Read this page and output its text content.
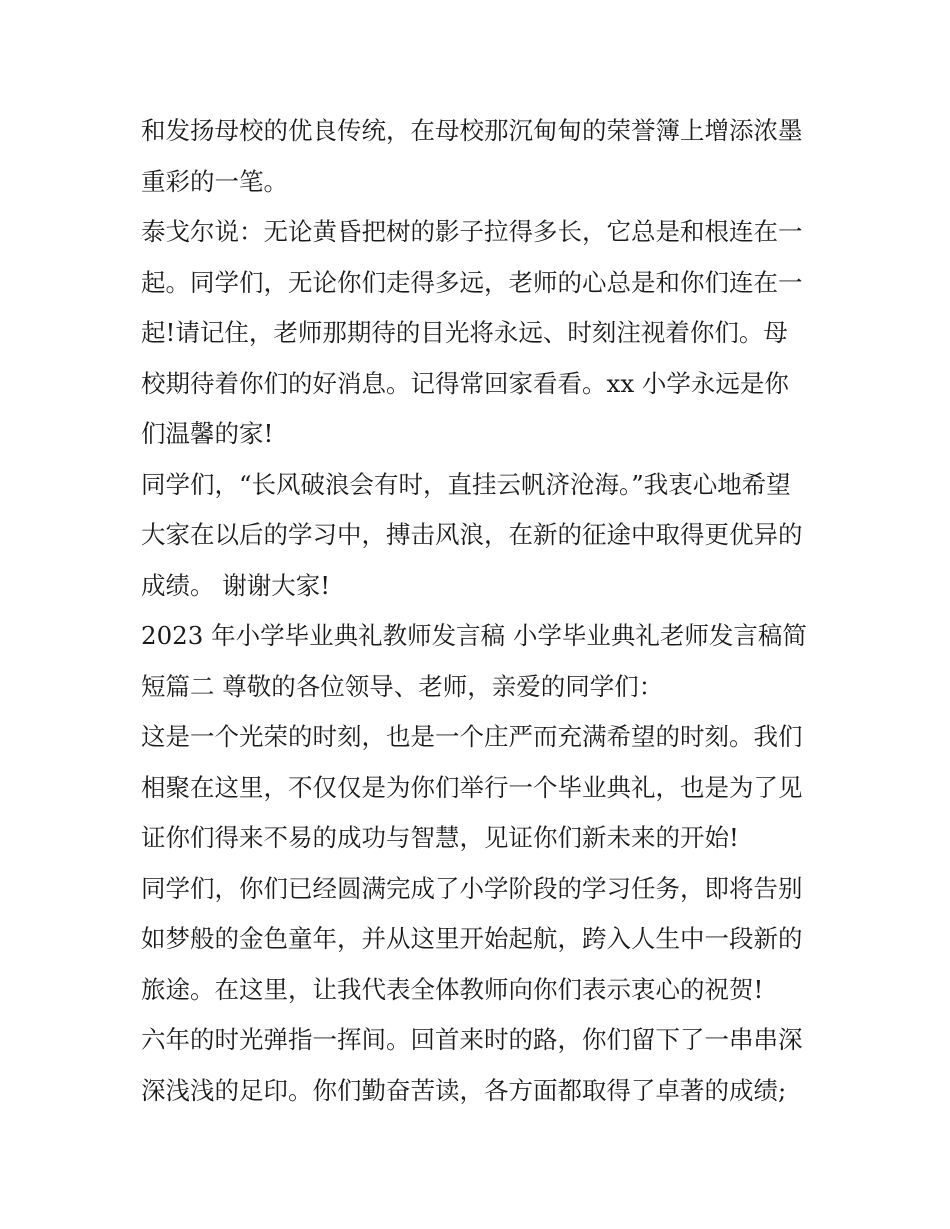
和发扬母校的优良传统，在母校那沉甸甸的荣誉簿上增添浓墨
重彩的一笔。
泰戈尔说：无论黄昏把树的影子拉得多长，它总是和根连在一
起。同学们，无论你们走得多远，老师的心总是和你们连在一
起!请记住，老师那期待的目光将永远、时刻注视着你们。母
校期待着你们的好消息。记得常回家看看。xx 小学永远是你
们温馨的家!
同学们，“长风破浪会有时，直挂云帆济沧海。”我衷心地希望
大家在以后的学习中，搏击风浪，在新的征途中取得更优异的
成绩。 谢谢大家!
2023 年小学毕业典礼教师发言稿 小学毕业典礼老师发言稿简
短篇二 尊敬的各位领导、老师，亲爱的同学们：
这是一个光荣的时刻，也是一个庄严而充满希望的时刻。我们
相聚在这里，不仅仅是为你们举行一个毕业典礼，也是为了见
证你们得来不易的成功与智慧，见证你们新未来的开始!
同学们，你们已经圆满完成了小学阶段的学习任务，即将告别
如梦般的金色童年，并从这里开始起航，跨入人生中一段新的
旅途。在这里，让我代表全体教师向你们表示衷心的祝贺!
六年的时光弹指一挥间。回首来时的路，你们留下了一串串深
深浅浅的足印。你们勤奋苦读，各方面都取得了卓著的成绩;
